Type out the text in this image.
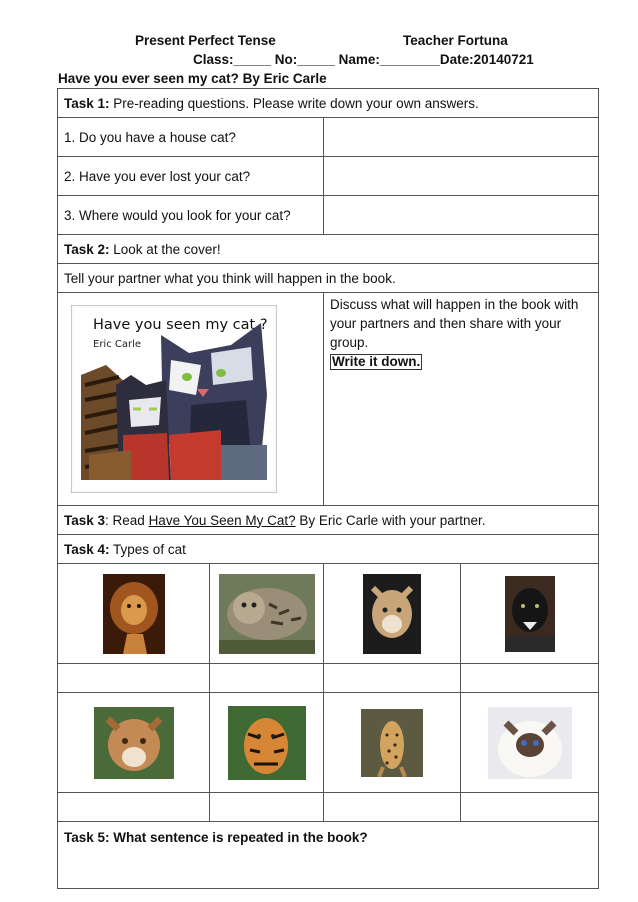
Present Perfect Tense	Teacher Fortuna
Class:_____ No:_____ Name:________Date:20140721
Have you ever seen my cat? By Eric Carle
Task 1: Pre-reading questions. Please write down your own answers.			
1. Do you have a house cat?			
2. Have you ever lost your cat?			
3. Where would you look for your cat?			
Task 2: Look at the cover!			
Tell your partner what you think will happen in the book.			

Have you seen my cat ?
Eric Carle		Discuss what will happen in the book with your partners and then share with your group.
Write it down.	
Task 3: Read Have You Seen My Cat? By Eric Carle with your partner.			
Task 4: Types of cat			

Task 5: What sentence is repeated in the book?			
